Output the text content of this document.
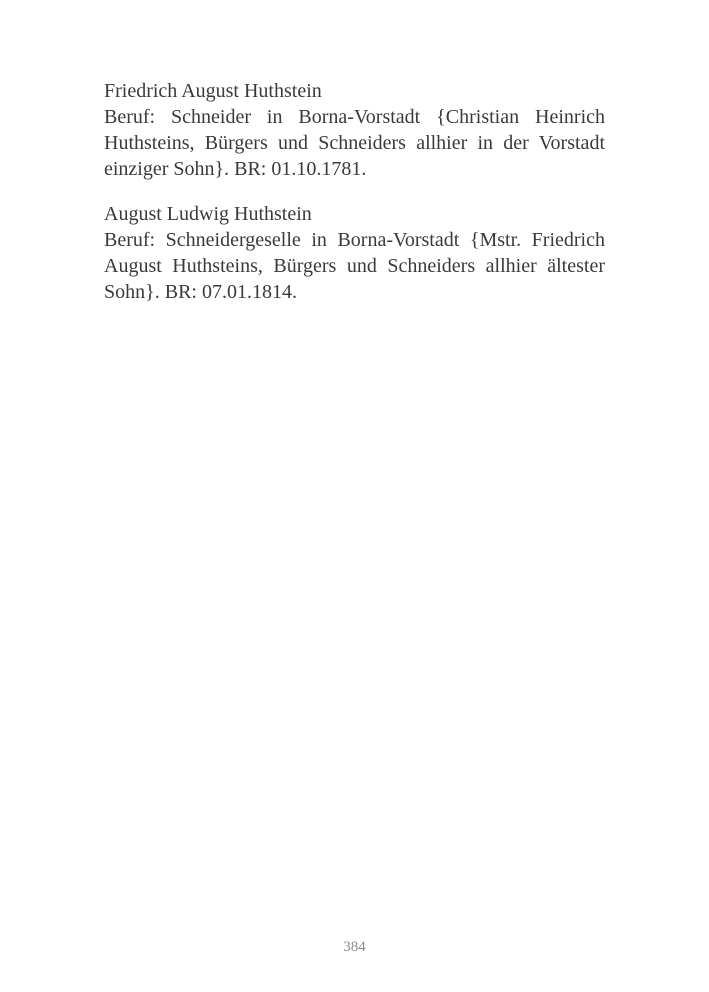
Friedrich August Huthstein
Beruf: Schneider in Borna-Vorstadt {Christian Heinrich Huthsteins, Bürgers und Schneiders allhier in der Vorstadt einziger Sohn}. BR: 01.10.1781.
August Ludwig Huthstein
Beruf: Schneidergeselle in Borna-Vorstadt {Mstr. Friedrich August Huthsteins, Bürgers und Schneiders allhier ältester Sohn}. BR: 07.01.1814.
384
